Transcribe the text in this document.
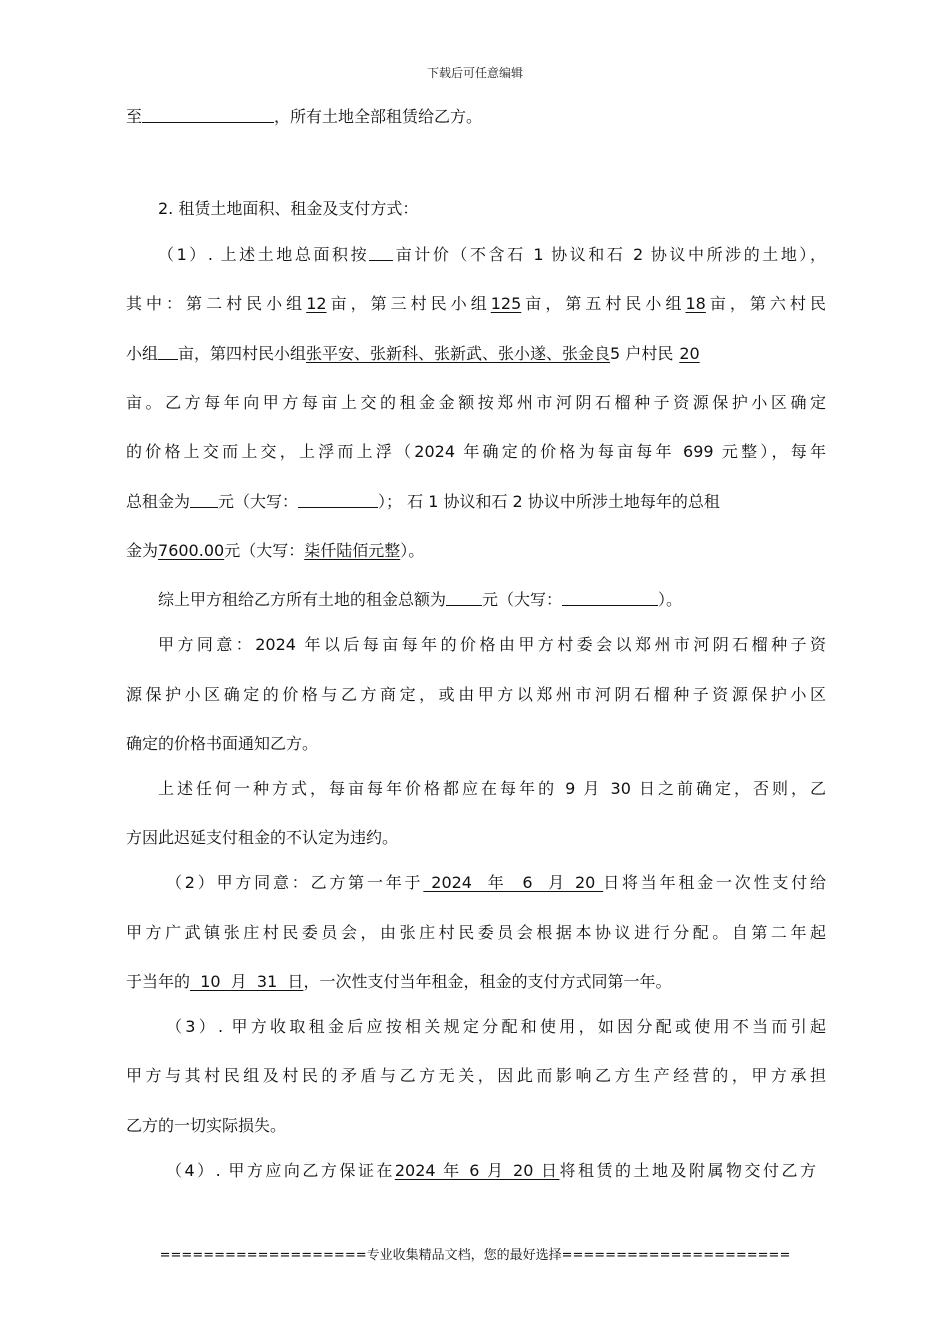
下载后可任意编辑
至	，所有土地全部租赁给乙方。
2. 租赁土地面积、租金及支付方式：
（1）. 上述土地总面积按 亩计价（不含石 1 协议和石 2 协议中所涉的土地），
其中：第二村民小组12亩，第三村民小组125亩，第五村民小组18亩，第六村民
小组 亩，第四村民小组张平安、张新科、张新武、张小遂、张金良5 户村民 20
亩。乙方每年向甲方每亩上交的租金金额按郑州市河阴石榴种子资源保护小区确定
的价格上交而上交，上浮而上浮（2024 年确定的价格为每亩每年 699 元整），每年
总租金为 元（大写：	）； 石 1 协议和石 2 协议中所涉土地每年的总租
金为7600.00元（大写：柒仟陆佰元整）。
综上甲方租给乙方所有土地的租金总额为 元（大写：	）。
甲方同意：2024 年以后每亩每年的价格由甲方村委会以郑州市河阴石榴种子资
源保护小区确定的价格与乙方商定，或由甲方以郑州市河阴石榴种子资源保护小区
确定的价格书面通知乙方。
上述任何一种方式，每亩每年价格都应在每年的 9 月 30 日之前确定，否则，乙
方因此迟延支付租金的不认定为违约。
（2）甲方同意：乙方第一年于 2024  年  6  月 20 日将当年租金一次性支付给
甲方广武镇张庄村民委员会，由张庄村民委员会根据本协议进行分配。自第二年起
于当年的  10  月  31  日，一次性支付当年租金，租金的支付方式同第一年。
（3）. 甲方收取租金后应按相关规定分配和使用，如因分配或使用不当而引起
甲方与其村民组及村民的矛盾与乙方无关，因此而影响乙方生产经营的，甲方承担
乙方的一切实际损失。
（4）. 甲方应向乙方保证在2024 年 6 月 20 日将租赁的土地及附属物交付乙方
===================专业收集精品文档，您的最好选择=====================
